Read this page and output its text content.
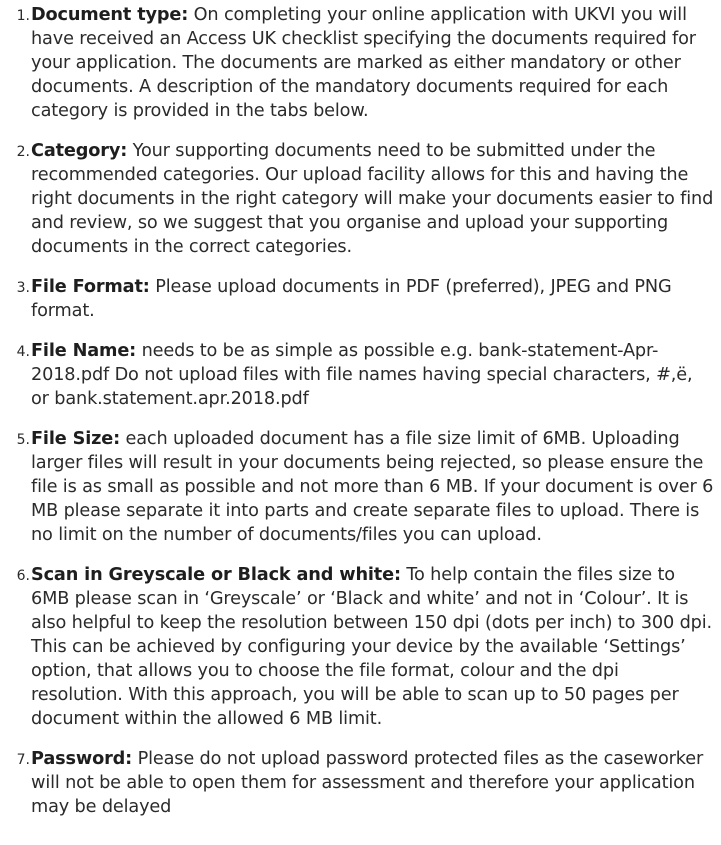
1. Document type: On completing your online application with UKVI you will have received an Access UK checklist specifying the documents required for your application. The documents are marked as either mandatory or other documents. A description of the mandatory documents required for each category is provided in the tabs below.
2. Category: Your supporting documents need to be submitted under the recommended categories. Our upload facility allows for this and having the right documents in the right category will make your documents easier to find and review, so we suggest that you organise and upload your supporting documents in the correct categories.
3. File Format: Please upload documents in PDF (preferred), JPEG and PNG format.
4. File Name: needs to be as simple as possible e.g. bank-statement-Apr-2018.pdf Do not upload files with file names having special characters, #,ë, or bank.statement.apr.2018.pdf
5. File Size: each uploaded document has a file size limit of 6MB. Uploading larger files will result in your documents being rejected, so please ensure the file is as small as possible and not more than 6 MB. If your document is over 6 MB please separate it into parts and create separate files to upload. There is no limit on the number of documents/files you can upload.
6. Scan in Greyscale or Black and white: To help contain the files size to 6MB please scan in ‘Greyscale’ or ‘Black and white’ and not in ‘Colour’. It is also helpful to keep the resolution between 150 dpi (dots per inch) to 300 dpi. This can be achieved by configuring your device by the available ‘Settings’ option, that allows you to choose the file format, colour and the dpi resolution. With this approach, you will be able to scan up to 50 pages per document within the allowed 6 MB limit.
7. Password: Please do not upload password protected files as the caseworker will not be able to open them for assessment and therefore your application may be delayed
